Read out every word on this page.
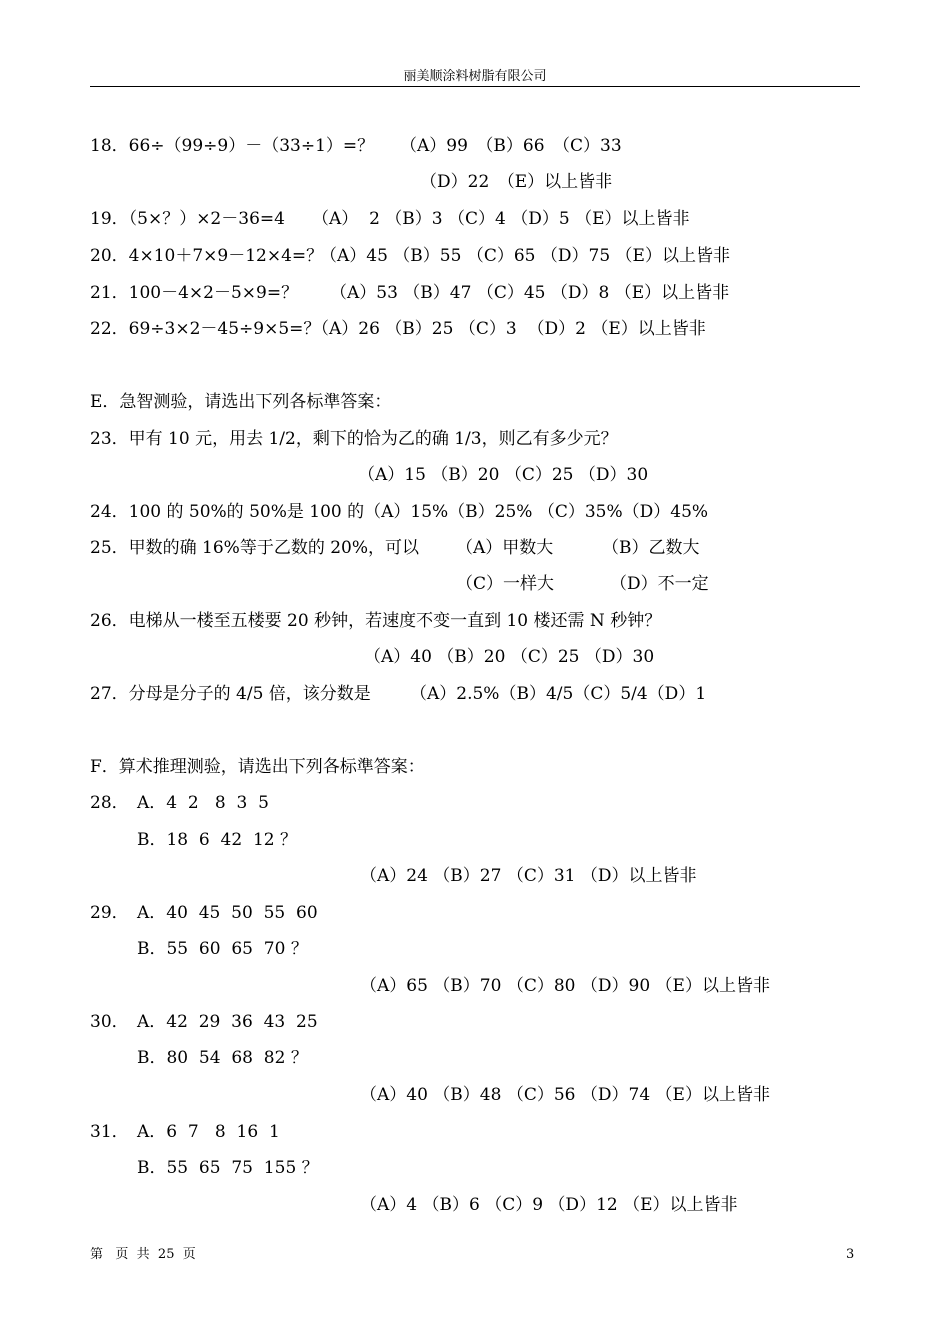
丽美顺涂料树脂有限公司
18．66÷（99÷9）－（33÷1）=？ （A）99　（B）66　（C）33
（D）22　（E）以上皆非
19．（5×？）×2－36=4 （A）  2 （B）3 （C）4 （D）5 （E）以上皆非
20．4×10＋7×9－12×4=？
（A）45 （B）55 （C）65 （D）75 （E）以上皆非
21．100－4×2－5×9=？ （A）53 （B）47 （C）45 （D）8 （E）以上皆非
22．69÷3×2－45÷9×5=？
（A）26 （B）25 （C）3  （D）2 （E）以上皆非
E．急智测验，请选出下列各标準答案：
23．甲有 10 元，用去 1/2，剩下的恰为乙的确 1/3，则乙有多少元？
（A）15 （B）20 （C）25 （D）30
24．100 的 50%的 50%是 100 的（A）15%（B）25% （C）35%（D）45%
25．甲数的确 16%等于乙数的 20%，可以 （A）甲数大	（B）乙数大
（C）一样大	（D）不一定
26．电梯从一楼至五楼要 20 秒钟，若速度不变一直到 10 楼还需 N 秒钟？
（A）40 （B）20 （C）25 （D）30
27．分母是分子的 4/5 倍，该分数是 （A）2.5%（B）4/5（C）5/4（D）1
F．算术推理测验，请选出下列各标準答案：
28． A．4  2   8  3  5
B．18  6  42  12 ？
（A）24 （B）27 （C）31 （D）以上皆非
29． A．40  45  50  55  60
B．55  60  65  70 ？
（A）65 （B）70 （C）80 （D）90 （E）以上皆非
30． A．42  29  36  43  25
B．80  54  68  82 ？
（A）40 （B）48 （C）56 （D）74 （E）以上皆非
31． A．6  7   8  16  1
B．55  65  75  155 ？
（A）4 （B）6 （C）9 （D）12 （E）以上皆非
第   页  共  25  页	3
